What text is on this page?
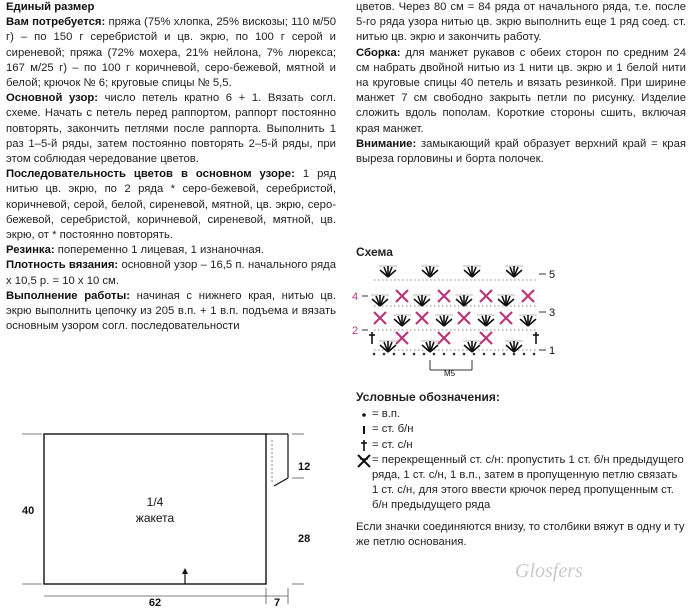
Единый размер

Вам потребуется: пряжа (75% хлопка, 25% вискозы; 110 м/50 г) – по 150 г серебристой и цв. экрю, по 100 г серой и сиреневой; пряжа (72% мохера, 21% нейлона, 7% люрекса; 167 м/25 г) – по 100 г коричневой, серо-бежевой, мятной и белой; крючок № 6; круговые спицы № 5,5.

Основной узор: число петель кратно 6 + 1. Вязать согл. схеме. Начать с петель перед раппортом, раппорт постоянно повторять, закончить петлями после раппорта. Выполнить 1 раз 1–5-й ряды, затем постоянно повторять 2–5-й ряды, при этом соблюдая чередование цветов.

Последовательность цветов в основном узоре: 1 ряд нитью цв. экрю, по 2 ряда * серо-бежевой, серебристой, коричневой, серой, белой, сиреневой, мятной, цв. экрю, серо-бежевой, серебристой, коричневой, сиреневой, мятной, цв. экрю, от * постоянно повторять.

Резинка: попеременно 1 лицевая, 1 изнаночная.

Плотность вязания: основной узор – 16,5 п. начального ряда х 10,5 р. = 10 х 10 см.

Выполнение работы: начиная с нижнего края, нитью цв. экрю выполнить цепочку из 205 в.п. + 1 в.п. подъема и вязать основным узором согл. последовательности

цветов. Через 80 см = 84 ряда от начального ряда, т.е. после 5-го ряда узора нитью цв. экрю выполнить еще 1 ряд соед. ст. нитью цв. экрю и закончить работу.

Сборка: для манжет рукавов с обеих сторон по средним 24 см набрать двойной нитью из 1 нити цв. экрю и 1 белой нити на круговые спицы 40 петель и вязать резинкой. При ширине манжет 7 см свободно закрыть петли по рисунку. Изделие сложить вдоль пополам. Короткие стороны сшить, включая края манжет.

Внимание: замыкающий край образует верхний край = края выреза горловины и борта полочек.

Схема
5
3
1
4
2
М5
Условные обозначения:
= в.п.
= ст. б/н
= ст. с/н
= перекрещенный ст. с/н: пропустить 1 ст. б/н предыдущего ряда, 1 ст. с/н, 1 в.п., затем в пропущенную петлю связать 1 ст. с/н, для этого ввести крючок перед пропущенным ст. б/н предыдущего ряда
Если значки соединяются внизу, то столбики вяжут в одну и ту же петлю основания.
1/4
жакета
40
62	7
12
28
Glosfers
